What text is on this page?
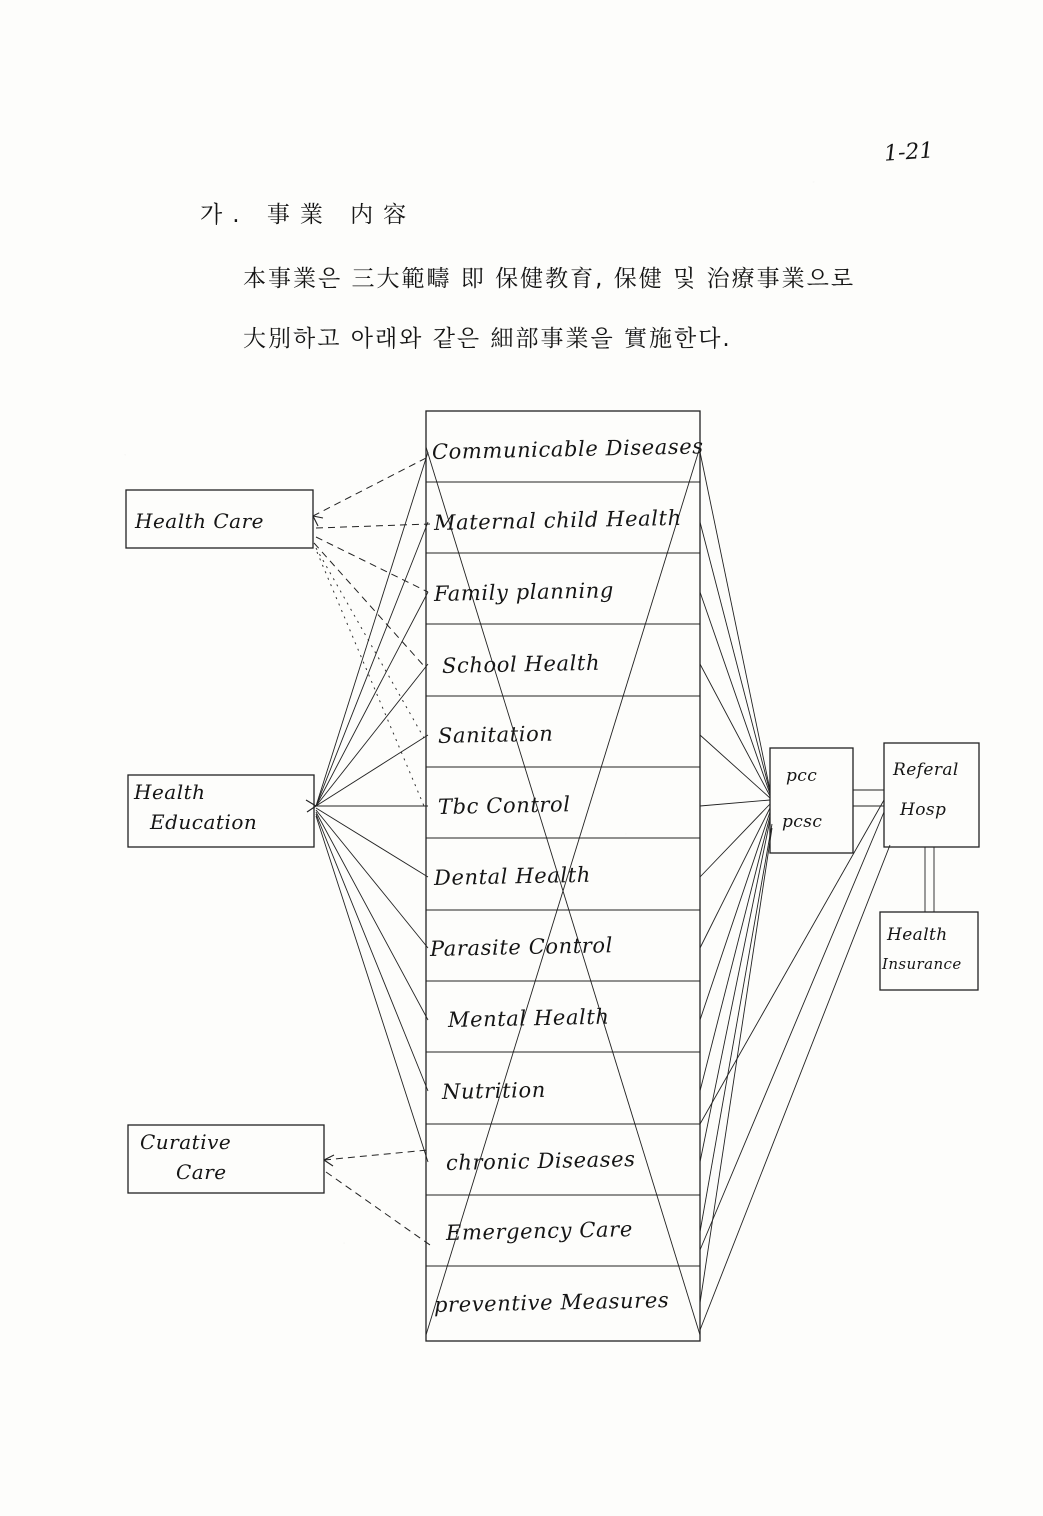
1-21
가. 事業 内容
本事業은 三大範疇 即 保健教育, 保健 및 治療事業으로
大別하고 아래와 같은 細部事業을 實施한다.
Health Care
Health
Education
Curative
Care
Communicable Diseases
Maternal child Health
Family planning
School Health
Sanitation
Tbc Control
Dental Health
Parasite Control
Mental Health
Nutrition
chronic Diseases
Emergency Care
preventive Measures
pcc
pcsc
Referal
Hosp
Health
Insurance
